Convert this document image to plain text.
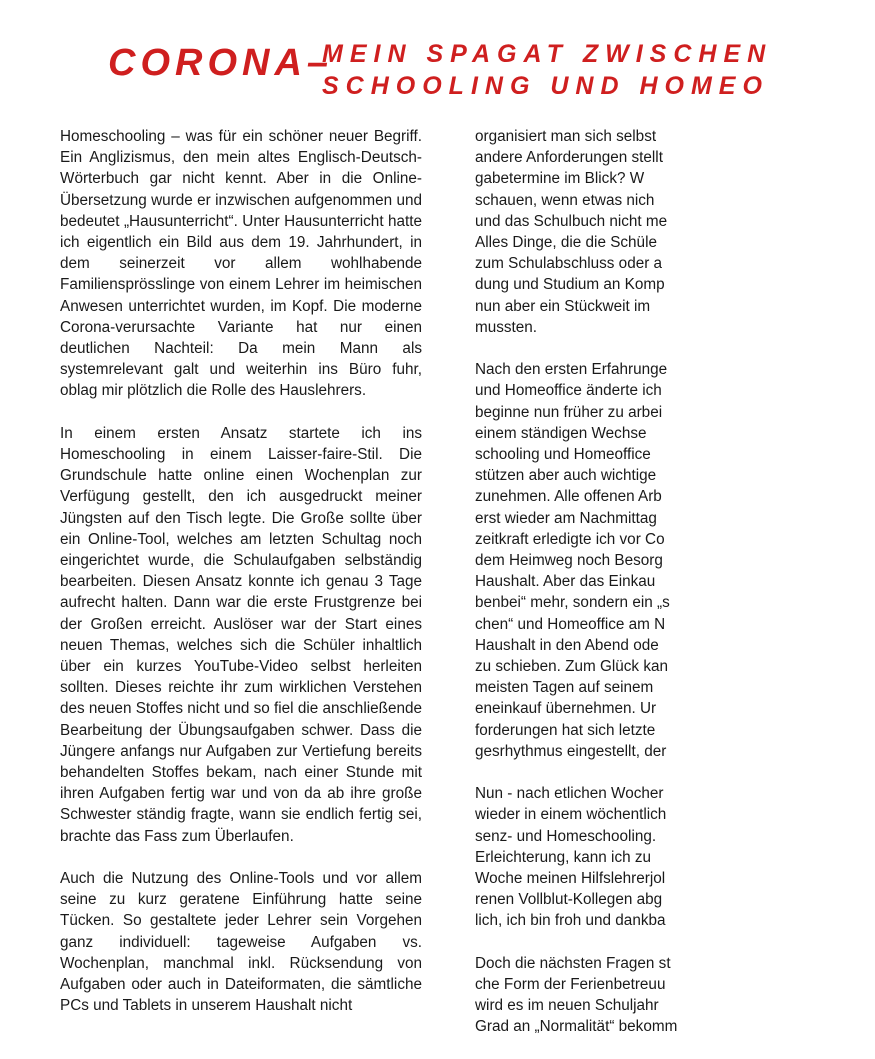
CORONA–
MEIN SPAGAT ZWISCHEN
SCHOOLING UND HOMEO

Homeschooling – was für ein schöner neuer Begriff. Ein Anglizismus, den mein altes Englisch-Deutsch-Wörterbuch gar nicht kennt. Aber in die Online-Übersetzung wurde er inzwischen aufgenommen und bedeutet „Hausunterricht“. Unter Hausunterricht hatte ich eigentlich ein Bild aus dem 19. Jahrhundert, in dem seinerzeit vor allem wohlhabende Familiensprösslinge von einem Lehrer im heimischen Anwesen unterrichtet wurden, im Kopf. Die moderne Corona-verursachte Variante hat nur einen deutlichen Nachteil: Da mein Mann als systemrelevant galt und weiterhin ins Büro fuhr, oblag mir plötzlich die Rolle des Hauslehrers.

In einem ersten Ansatz startete ich ins Homeschooling in einem Laisser-faire-Stil. Die Grundschule hatte online einen Wochenplan zur Verfügung gestellt, den ich ausgedruckt meiner Jüngsten auf den Tisch legte. Die Große sollte über ein Online-Tool, welches am letzten Schultag noch eingerichtet wurde, die Schulaufgaben selbständig bearbeiten. Diesen Ansatz konnte ich genau 3 Tage aufrecht halten. Dann war die erste Frustgrenze bei der Großen erreicht. Auslöser war der Start eines neuen Themas, welches sich die Schüler inhaltlich über ein kurzes YouTube-Video selbst herleiten sollten. Dieses reichte ihr zum wirklichen Verstehen des neuen Stoffes nicht und so fiel die anschließende Bearbeitung der Übungsaufgaben schwer. Dass die Jüngere anfangs nur Aufgaben zur Vertiefung bereits behandelten Stoffes bekam, nach einer Stunde mit ihren Aufgaben fertig war und von da ab ihre große Schwester ständig fragte, wann sie endlich fertig sei, brachte das Fass zum Überlaufen.

Auch die Nutzung des Online-Tools und vor allem seine zu kurz geratene Einführung hatte seine Tücken. So gestaltete jeder Lehrer sein Vorgehen ganz individuell: tageweise Aufgaben vs. Wochenplan, manchmal inkl. Rücksendung von Aufgaben oder auch in Dateiformaten, die sämtliche PCs und Tablets in unserem Haushalt nicht

organisiert man sich selbst
andere Anforderungen stellt
gabetermine im Blick? W
schauen, wenn etwas nich
und das Schulbuch nicht me
Alles Dinge, die die Schüle
zum Schulabschluss oder a
dung und Studium an Komp
nun aber ein Stückweit im
mussten.

Nach den ersten Erfahrunge
und Homeoffice änderte ich
beginne nun früher zu arbei
einem ständigen Wechse
schooling und Homeoffice
stützen aber auch wichtige
zunehmen. Alle offenen Arb
erst wieder am Nachmittag
zeitkraft erledigte ich vor Co
dem Heimweg noch Besorg
Haushalt. Aber das Einkau
benbei“ mehr, sondern ein „s
chen“ und Homeoffice am N
Haushalt in den Abend ode
zu schieben. Zum Glück kan
meisten Tagen auf seinem
eneinkauf übernehmen. Ur
forderungen hat sich letzte
gesrhythmus eingestellt, der

Nun - nach etlichen Wocher
wieder in einem wöchentlich
senz- und Homeschooling.
Erleichterung, kann ich zu
Woche meinen Hilfslehrerjol
renen Vollblut-Kollegen abg
lich, ich bin froh und dankba

Doch die nächsten Fragen st
che Form der Ferienbetreuu
wird es im neuen Schuljahr
Grad an „Normalität“ bekomm
